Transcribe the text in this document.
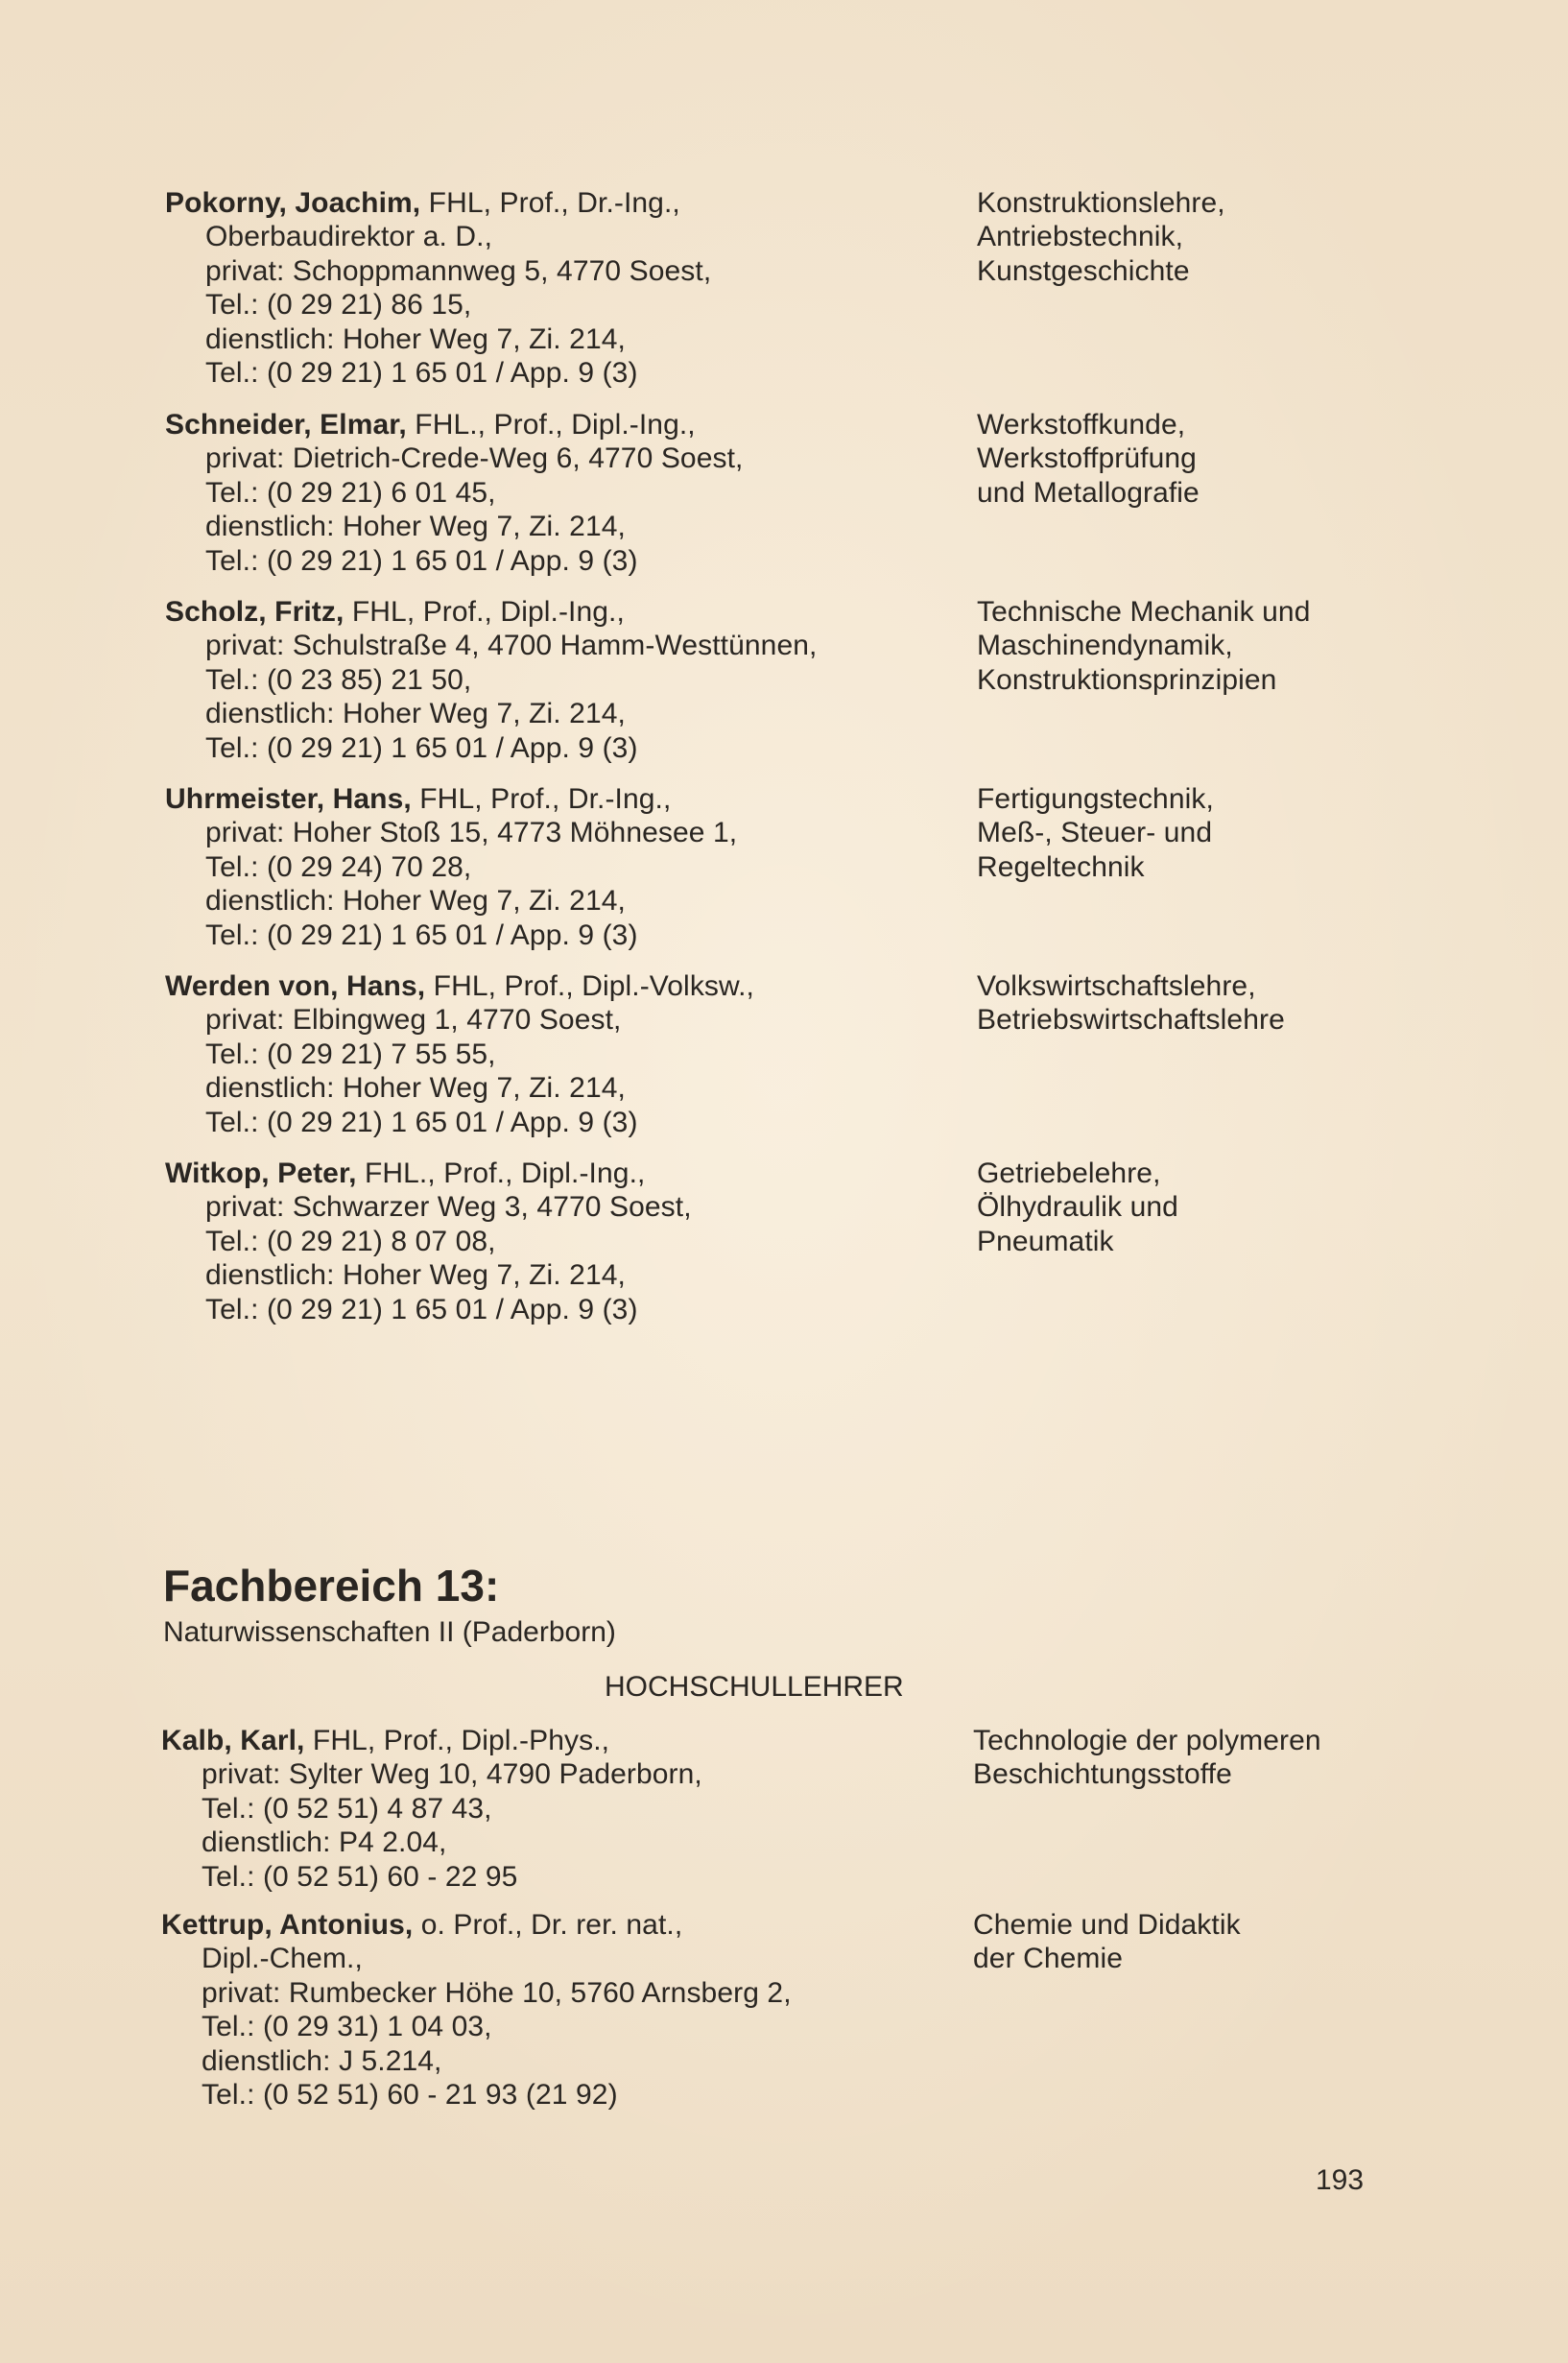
Pokorny, Joachim, FHL, Prof., Dr.-Ing.,
Oberbaudirektor a. D.,
privat: Schoppmannweg 5, 4770 Soest,
Tel.: (0 29 21) 86 15,
dienstlich: Hoher Weg 7, Zi. 214,
Tel.: (0 29 21) 1 65 01 / App. 9 (3)
Konstruktionslehre,
Antriebstechnik,
Kunstgeschichte
Schneider, Elmar, FHL., Prof., Dipl.-Ing.,
privat: Dietrich-Crede-Weg 6, 4770 Soest,
Tel.: (0 29 21) 6 01 45,
dienstlich: Hoher Weg 7, Zi. 214,
Tel.: (0 29 21) 1 65 01 / App. 9 (3)
Werkstoffkunde,
Werkstoffprüfung
und Metallografie
Scholz, Fritz, FHL, Prof., Dipl.-Ing.,
privat: Schulstraße 4, 4700 Hamm-Westtünnen,
Tel.: (0 23 85) 21 50,
dienstlich: Hoher Weg 7, Zi. 214,
Tel.: (0 29 21) 1 65 01 / App. 9 (3)
Technische Mechanik und
Maschinendynamik,
Konstruktionsprinzipien
Uhrmeister, Hans, FHL, Prof., Dr.-Ing.,
privat: Hoher Stoß 15, 4773 Möhnesee 1,
Tel.: (0 29 24) 70 28,
dienstlich: Hoher Weg 7, Zi. 214,
Tel.: (0 29 21) 1 65 01 / App. 9 (3)
Fertigungstechnik,
Meß-, Steuer- und
Regeltechnik
Werden von, Hans, FHL, Prof., Dipl.-Volksw.,
privat: Elbingweg 1, 4770 Soest,
Tel.: (0 29 21) 7 55 55,
dienstlich: Hoher Weg 7, Zi. 214,
Tel.: (0 29 21) 1 65 01 / App. 9 (3)
Volkswirtschaftslehre,
Betriebswirtschaftslehre
Witkop, Peter, FHL., Prof., Dipl.-Ing.,
privat: Schwarzer Weg 3, 4770 Soest,
Tel.: (0 29 21) 8 07 08,
dienstlich: Hoher Weg 7, Zi. 214,
Tel.: (0 29 21) 1 65 01 / App. 9 (3)
Getriebelehre,
Ölhydraulik und
Pneumatik
Fachbereich 13:
Naturwissenschaften II (Paderborn)
HOCHSCHULLEHRER
Kalb, Karl, FHL, Prof., Dipl.-Phys.,
privat: Sylter Weg 10, 4790 Paderborn,
Tel.: (0 52 51) 4 87 43,
dienstlich: P4 2.04,
Tel.: (0 52 51) 60 - 22 95
Technologie der polymeren
Beschichtungsstoffe
Kettrup, Antonius, o. Prof., Dr. rer. nat.,
Dipl.-Chem.,
privat: Rumbecker Höhe 10, 5760 Arnsberg 2,
Tel.: (0 29 31) 1 04 03,
dienstlich: J 5.214,
Tel.: (0 52 51) 60 - 21 93 (21 92)
Chemie und Didaktik
der Chemie
193
